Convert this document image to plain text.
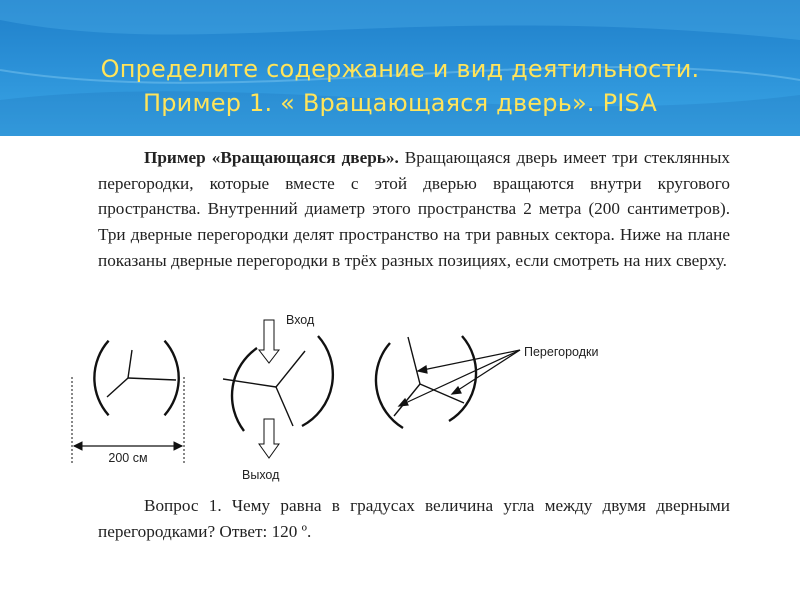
Определите содержание и вид деятильности.
Пример 1. « Вращающаяся дверь». PISA
Пример «Вращающаяся дверь». Вращающаяся дверь имеет три стеклянных перегородки, которые вместе с этой дверью вращаются внутри кругового пространства. Внутренний диаметр этого пространства 2 метра (200 сантиметров). Три дверные перегородки делят пространство на три равных сектора. Ниже на плане показаны дверные перегородки в трёх разных позициях, если смотреть на них сверху.
200 см
Вход
Выход
Перегородки
Вопрос 1. Чему равна в градусах величина угла между двумя дверными перегородками? Ответ: 120 º.
